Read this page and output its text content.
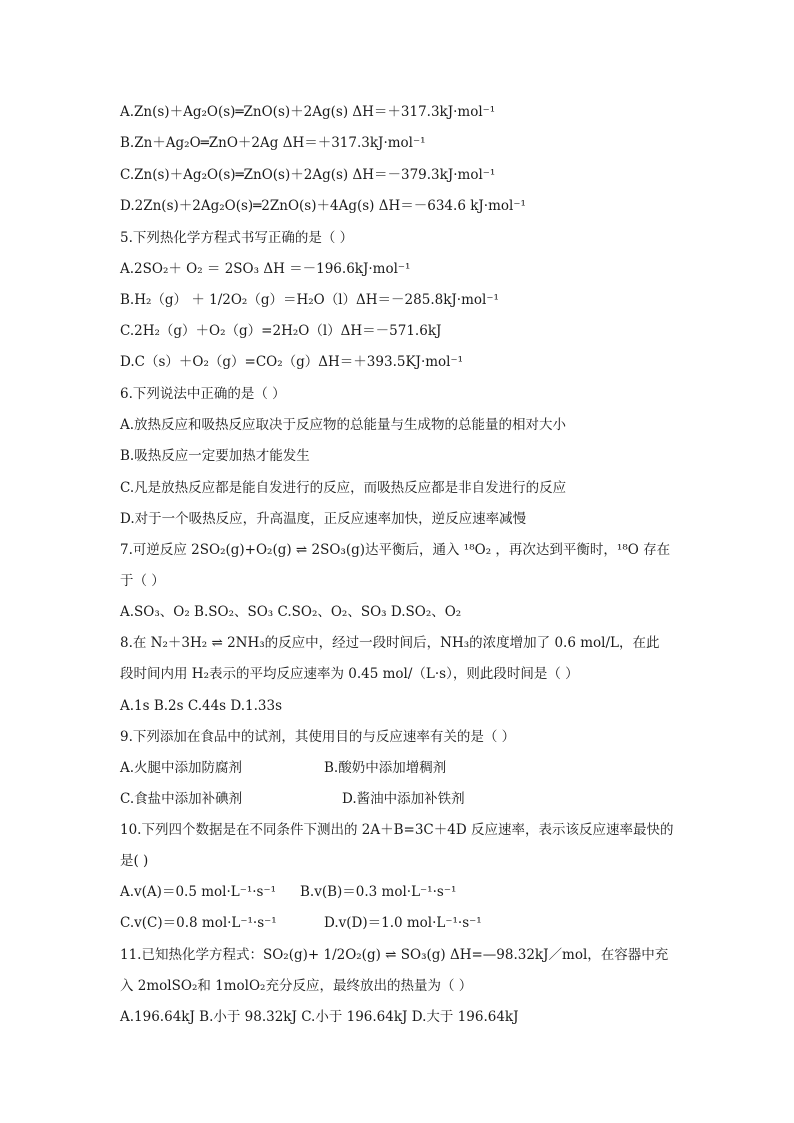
A.Zn(s)＋Ag₂O(s)═ZnO(s)＋2Ag(s) ΔH＝＋317.3kJ·mol⁻¹
B.Zn＋Ag₂O═ZnO＋2Ag ΔH＝＋317.3kJ·mol⁻¹
C.Zn(s)＋Ag₂O(s)═ZnO(s)＋2Ag(s) ΔH＝－379.3kJ·mol⁻¹
D.2Zn(s)＋2Ag₂O(s)═2ZnO(s)＋4Ag(s) ΔH＝－634.6 kJ·mol⁻¹
5.下列热化学方程式书写正确的是（ ）
A.2SO₂＋ O₂ ＝ 2SO₃ ΔH ＝－196.6kJ·mol⁻¹
B.H₂（g） ＋ 1/2O₂（g）＝H₂O（l）ΔH＝－285.8kJ·mol⁻¹
C.2H₂（g）＋O₂（g）=2H₂O（l）ΔH＝－571.6kJ
D.C（s）＋O₂（g）=CO₂（g）ΔH＝＋393.5KJ·mol⁻¹
6.下列说法中正确的是（ ）
A.放热反应和吸热反应取决于反应物的总能量与生成物的总能量的相对大小
B.吸热反应一定要加热才能发生
C.凡是放热反应都是能自发进行的反应，而吸热反应都是非自发进行的反应
D.对于一个吸热反应，升高温度，正反应速率加快，逆反应速率减慢
7.可逆反应 2SO₂(g)+O₂(g) ⇌ 2SO₃(g)达平衡后，通入 ¹⁸O₂ ，再次达到平衡时，¹⁸O 存在
于（ ）
A.SO₃、O₂ B.SO₂、SO₃ C.SO₂、O₂、SO₃ D.SO₂、O₂
8.在 N₂＋3H₂ ⇌ 2NH₃的反应中，经过一段时间后，NH₃的浓度增加了 0.6 mol/L，在此
段时间内用 H₂表示的平均反应速率为 0.45 mol/（L·s），则此段时间是（ ）
A.1s B.2s C.44s D.1.33s
9.下列添加在食品中的试剂，其使用目的与反应速率有关的是（ ）
A.火腿中添加防腐剂	B.酸奶中添加增稠剂
C.食盐中添加补碘剂	D.酱油中添加补铁剂
10.下列四个数据是在不同条件下测出的 2A＋B=3C＋4D 反应速率，表示该反应速率最快的
是( )
A.v(A)＝0.5 mol·L⁻¹·s⁻¹ B.v(B)＝0.3 mol·L⁻¹·s⁻¹
C.v(C)＝0.8 mol·L⁻¹·s⁻¹	D.v(D)＝1.0 mol·L⁻¹·s⁻¹
11.已知热化学方程式：SO₂(g)+ 1/2O₂(g) ⇌ SO₃(g) ΔH=—98.32kJ／mol，在容器中充
入 2molSO₂和 1molO₂充分反应，最终放出的热量为（ ）
A.196.64kJ B.小于 98.32kJ C.小于 196.64kJ D.大于 196.64kJ
